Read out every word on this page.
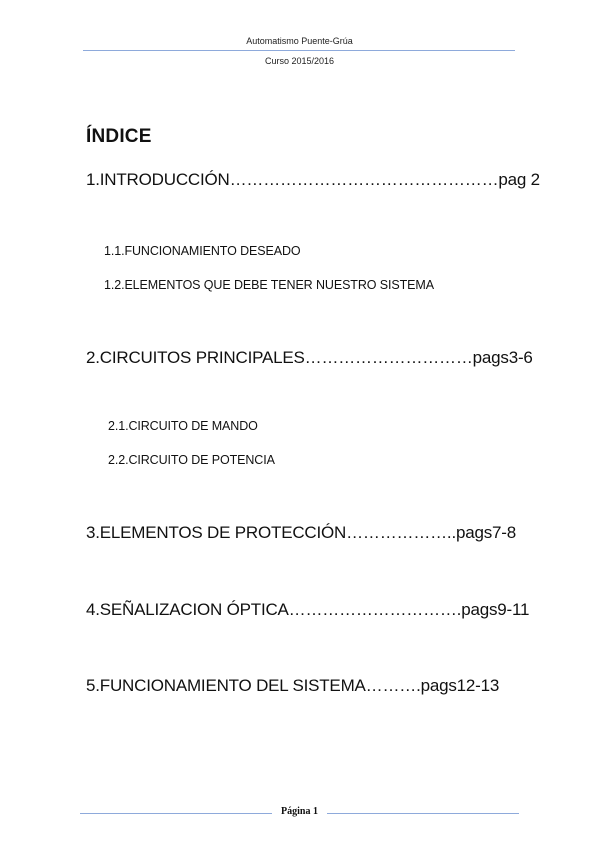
Automatismo Puente-Grúa
Curso 2015/2016
ÍNDICE
1.INTRODUCCIÓN…………………………………………pag 2
1.1.FUNCIONAMIENTO DESEADO
1.2.ELEMENTOS QUE DEBE TENER NUESTRO SISTEMA
2.CIRCUITOS PRINCIPALES…………………………pags3-6
2.1.CIRCUITO DE MANDO
2.2.CIRCUITO DE POTENCIA
3.ELEMENTOS DE PROTECCIÓN………………..pags7-8
4.SEÑALIZACION ÓPTICA………………………….pags9-11
5.FUNCIONAMIENTO DEL SISTEMA……….pags12-13
Página 1
